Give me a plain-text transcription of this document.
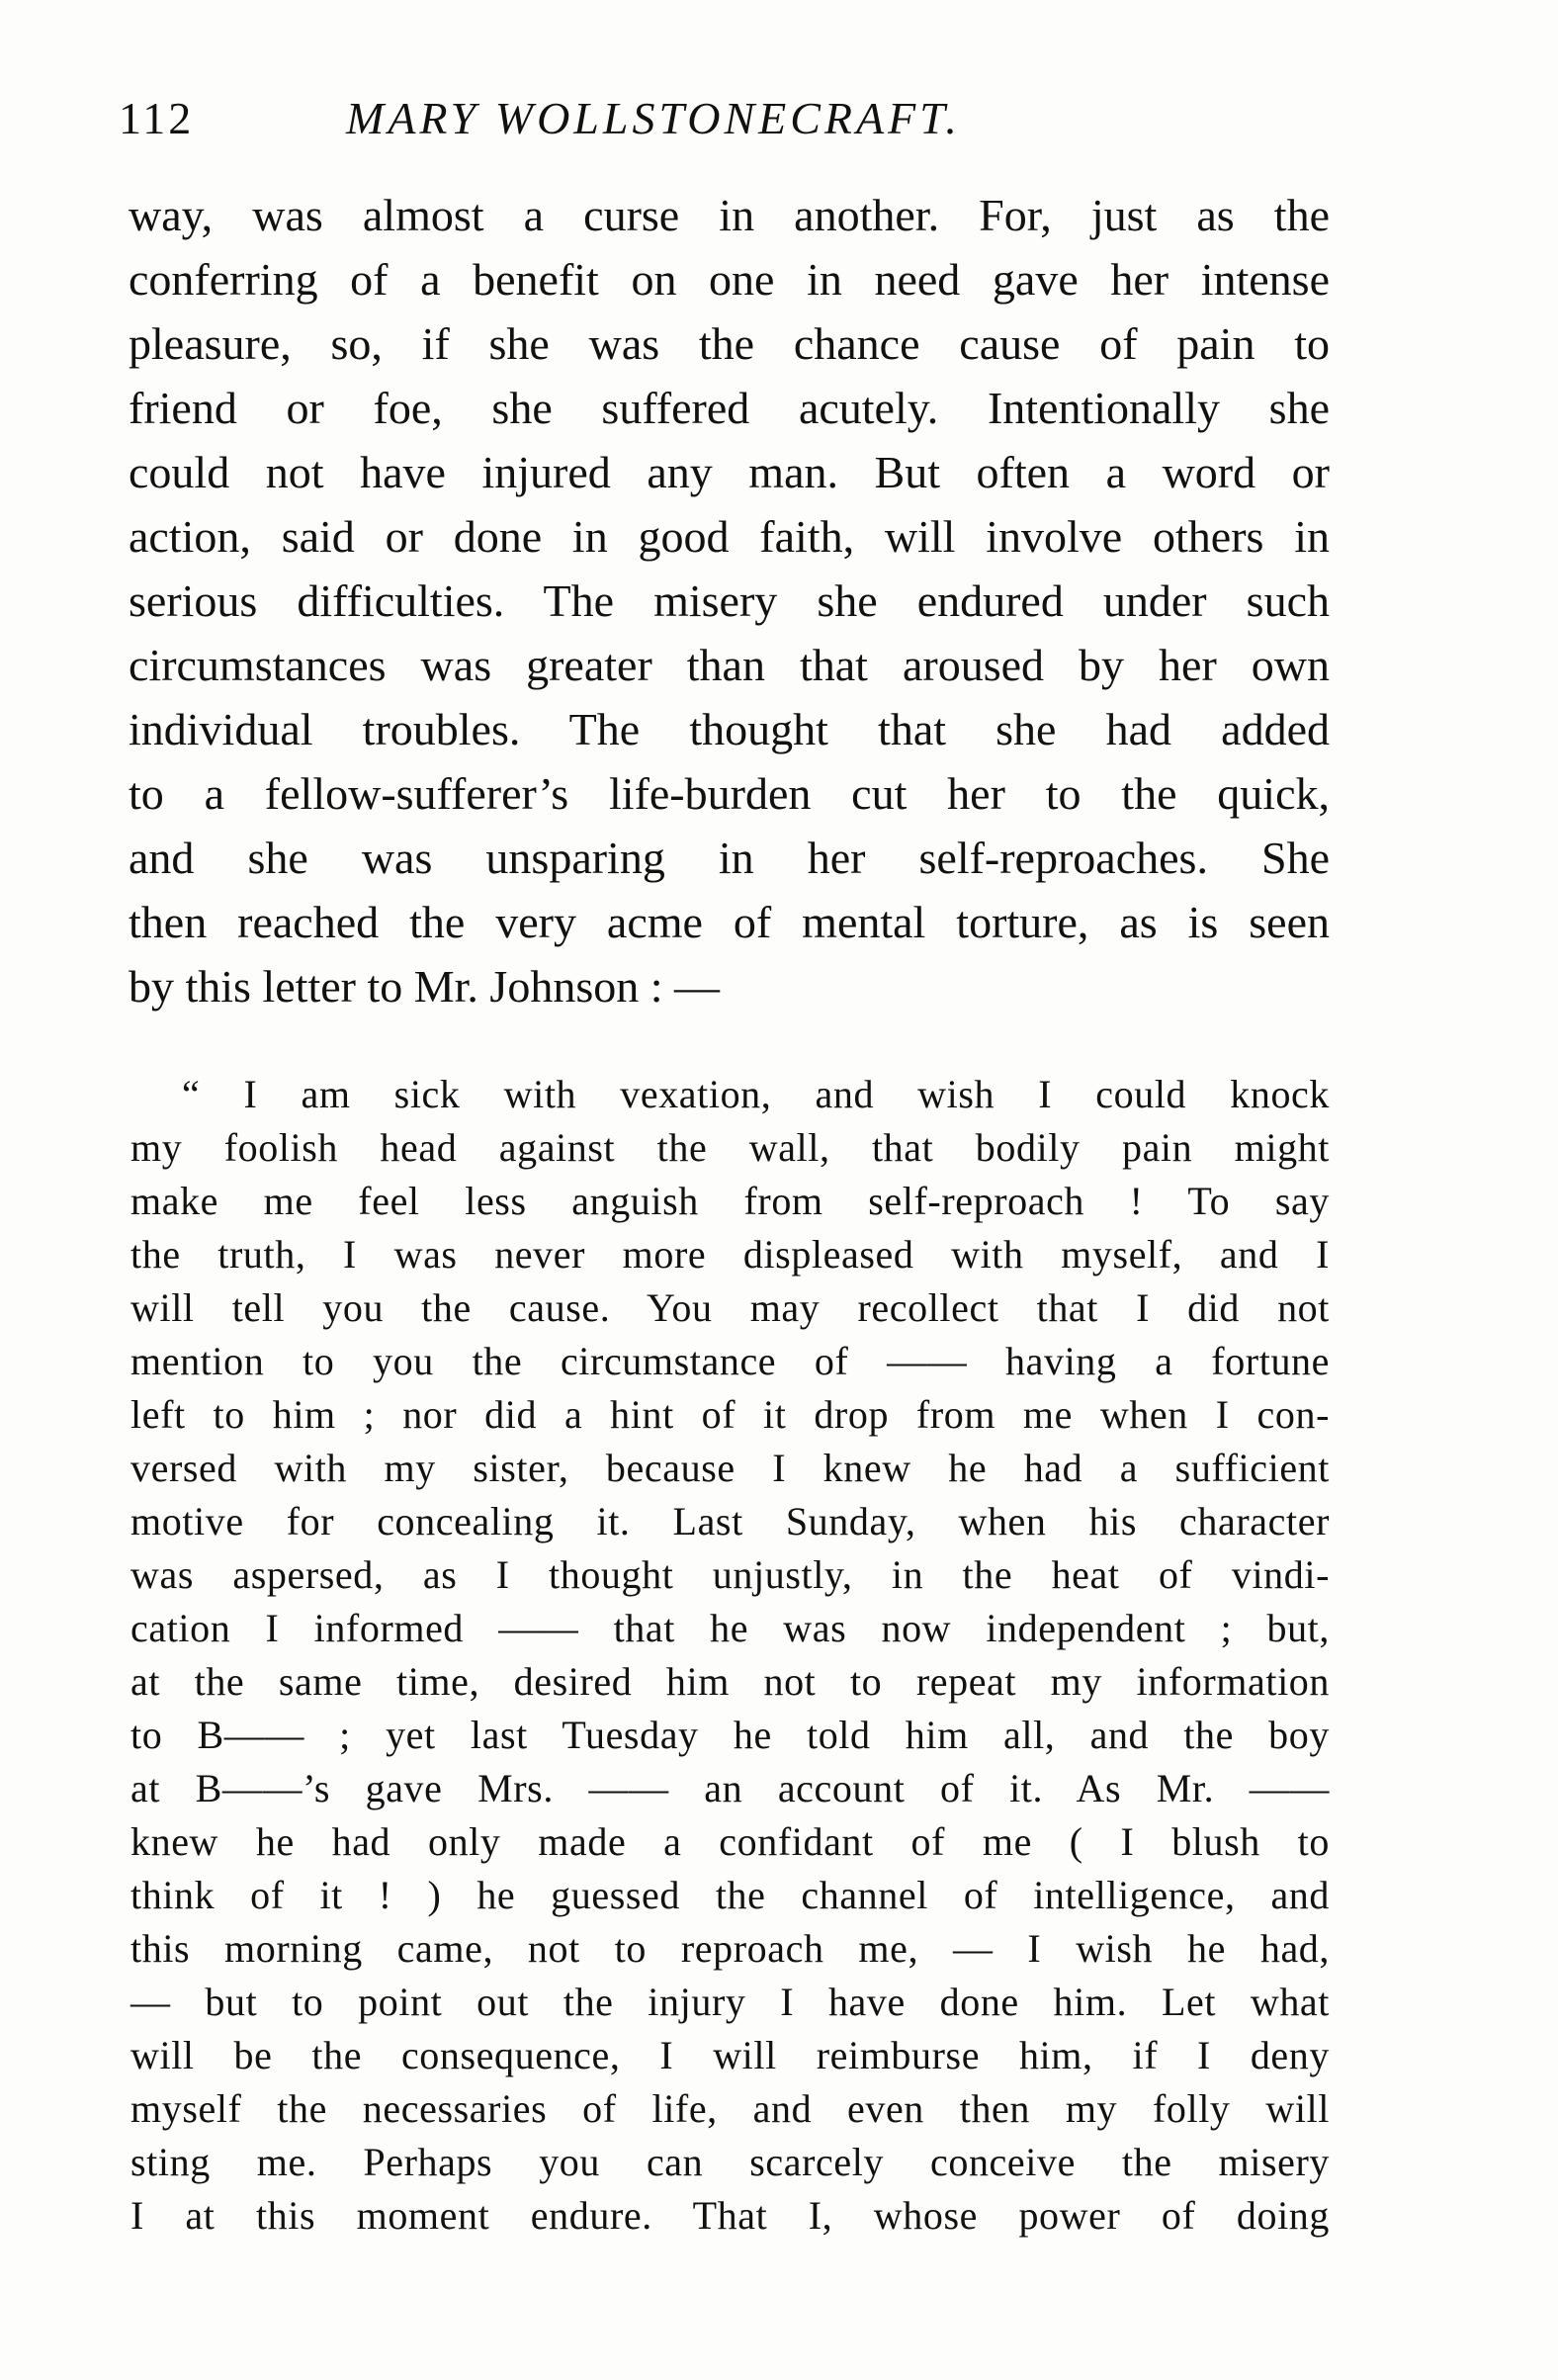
112	MARY WOLLSTONECRAFT.
way, was almost a curse in another. For, just as the
conferring of a benefit on one in need gave her intense
pleasure, so, if she was the chance cause of pain to
friend or foe, she suffered acutely. Intentionally she
could not have injured any man. But often a word or
action, said or done in good faith, will involve others in
serious difficulties. The misery she endured under such
circumstances was greater than that aroused by her own
individual troubles. The thought that she had added
to a fellow-sufferer’s life-burden cut her to the quick,
and she was unsparing in her self-reproaches. She
then reached the very acme of mental torture, as is seen
by this letter to Mr. Johnson : —
“ I am sick with vexation, and wish I could knock
my foolish head against the wall, that bodily pain might
make me feel less anguish from self-reproach ! To say
the truth, I was never more displeased with myself, and I
will tell you the cause. You may recollect that I did not
mention to you the circumstance of —— having a fortune
left to him ; nor did a hint of it drop from me when I con-
versed with my sister, because I knew he had a sufficient
motive for concealing it. Last Sunday, when his character
was aspersed, as I thought unjustly, in the heat of vindi-
cation I informed —— that he was now independent ; but,
at the same time, desired him not to repeat my information
to B—— ; yet last Tuesday he told him all, and the boy
at B——’s gave Mrs. —— an account of it. As Mr. ——
knew he had only made a confidant of me ( I blush to
think of it ! ) he guessed the channel of intelligence, and
this morning came, not to reproach me, — I wish he had,
— but to point out the injury I have done him. Let what
will be the consequence, I will reimburse him, if I deny
myself the necessaries of life, and even then my folly will
sting me. Perhaps you can scarcely conceive the misery
I at this moment endure. That I, whose power of doing
